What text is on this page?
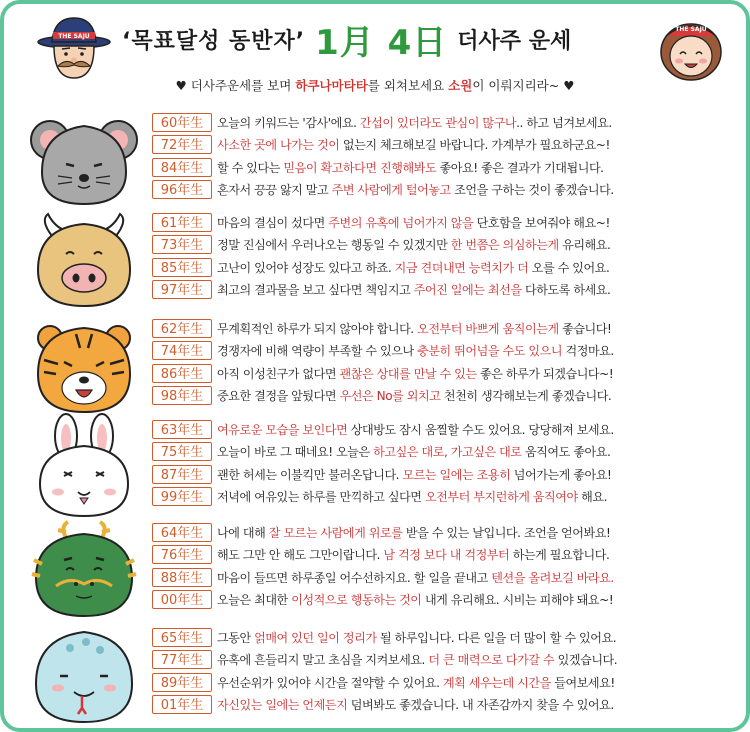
THE SAJU
THE SAJU
‘목표달성 동반자’ 1月 4日 더사주 운세
♥ 더사주운세를 보며 하쿠나마타타를 외쳐보세요 소원이 이뤄지리라~ ♥
60年生	오늘의 키워드는 '감사'에요. 간섭이 있더라도 관심이 많구나.. 하고 넘겨보세요.
72年生	사소한 곳에 나가는 것이 없는지 체크해보길 바랍니다. 가계부가 필요하군요~!
84年生	할 수 있다는 믿음이 확고하다면 진행해봐도 좋아요! 좋은 결과가 기대됩니다.
96年生	혼자서 끙끙 앓지 말고 주변 사람에게 털어놓고 조언을 구하는 것이 좋겠습니다.
61年生	마음의 결심이 섰다면 주변의 유혹에 넘어가지 않을 단호함을 보여줘야 해요~!
73年生	정말 진심에서 우러나오는 행동일 수 있겠지만 한 번쯤은 의심하는게 유리해요.
85年生	고난이 있어야 성장도 있다고 하죠. 지금 견뎌내면 능력치가 더 오를 수 있어요.
97年生	최고의 결과물을 보고 싶다면 책임지고 주어진 일에는 최선을 다하도록 하세요.
62年生	무계획적인 하루가 되지 않아야 합니다. 오전부터 바쁘게 움직이는게 좋습니다!
74年生	경쟁자에 비해 역량이 부족할 수 있으나 충분히 뛰어넘을 수도 있으니 걱정마요.
86年生	아직 이성친구가 없다면 괜찮은 상대를 만날 수 있는 좋은 하루가 되겠습니다~!
98年生	중요한 결정을 앞뒀다면 우선은 No를 외치고 천천히 생각해보는게 좋겠습니다.
63年生	여유로운 모습을 보인다면 상대방도 잠시 움찔할 수도 있어요. 당당해져 보세요.
75年生	오늘이 바로 그 때네요! 오늘은 하고싶은 대로, 가고싶은 대로 움직여도 좋아요.
87年生	괜한 허세는 이불킥만 불러온답니다. 모르는 일에는 조용히 넘어가는게 좋아요!
99年生	저녁에 여유있는 하루를 만끽하고 싶다면 오전부터 부지런하게 움직여야 해요.
64年生	나에 대해 잘 모르는 사람에게 위로를 받을 수 있는 날입니다. 조언을 얻어봐요!
76年生	해도 그만 안 해도 그만이랍니다. 남 걱정 보다 내 걱정부터 하는게 필요합니다.
88年生	마음이 들뜨면 하루종일 어수선하지요. 할 일을 끝내고 텐션을 올려보길 바라요.
00年生	오늘은 최대한 이성적으로 행동하는 것이 내게 유리해요. 시비는 피해야 돼요~!
65年生	그동안 얽매여 있던 일이 정리가 될 하루입니다. 다른 일을 더 많이 할 수 있어요.
77年生	유혹에 흔들리지 말고 초심을 지켜보세요. 더 큰 매력으로 다가갈 수 있겠습니다.
89年生	우선순위가 있어야 시간을 절약할 수 있어요. 계획 세우는데 시간을 들여보세요!
01年生	자신있는 일에는 언제든지 덤벼봐도 좋겠습니다. 내 자존감까지 찾을 수 있어요.
